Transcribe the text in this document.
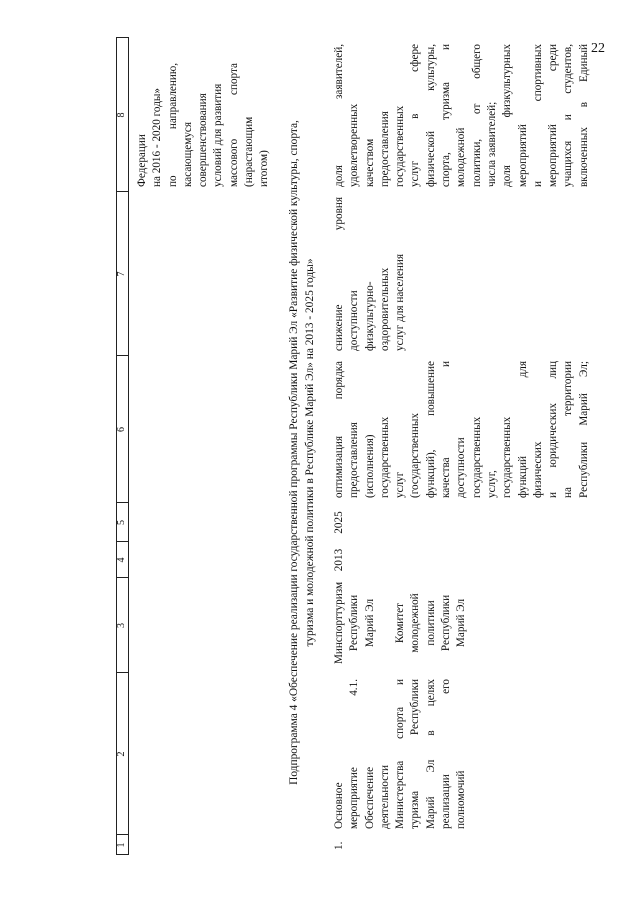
22
1
2
3
4
5
6
7
8
Федерации на 2016 - 2020 годы» по направлению, касающемуся совершенствования условий для развития массового спорта (нарастающим итогом) Подпрограмма 4 «Обеспечение реализации государственной программы Республики Марий Эл «Развитие физической культуры, спорта, туризма и молодежной политики в Республике Марий Эл» на 2013 - 2025 годы»
1.
Основное мероприятие 4.1. Обеспечение деятельности Министерства спорта и туризма Республики Марий Эл в целях реализации его полномочий
Минспорттуризм Республики Марий Эл Комитет молодежной политики Республики Марий Эл
2013
2025
оптимизация порядка предоставления (исполнения) государственных услуг (государственных функций), повышение качества и доступности государственных услуг, государственных функций для физических и юридических лиц на территории Республики Марий Эл;
снижение уровня доступности физкультурно- оздоровительных услуг для населения
доля заявителей, удовлетворенных качеством предоставления государственных услуг в сфере физической культуры, спорта, туризма и молодежной политики, от общего числа заявителей; доля физкультурных мероприятий и спортивных мероприятий среди учащихся и студентов, включенных в Единый
